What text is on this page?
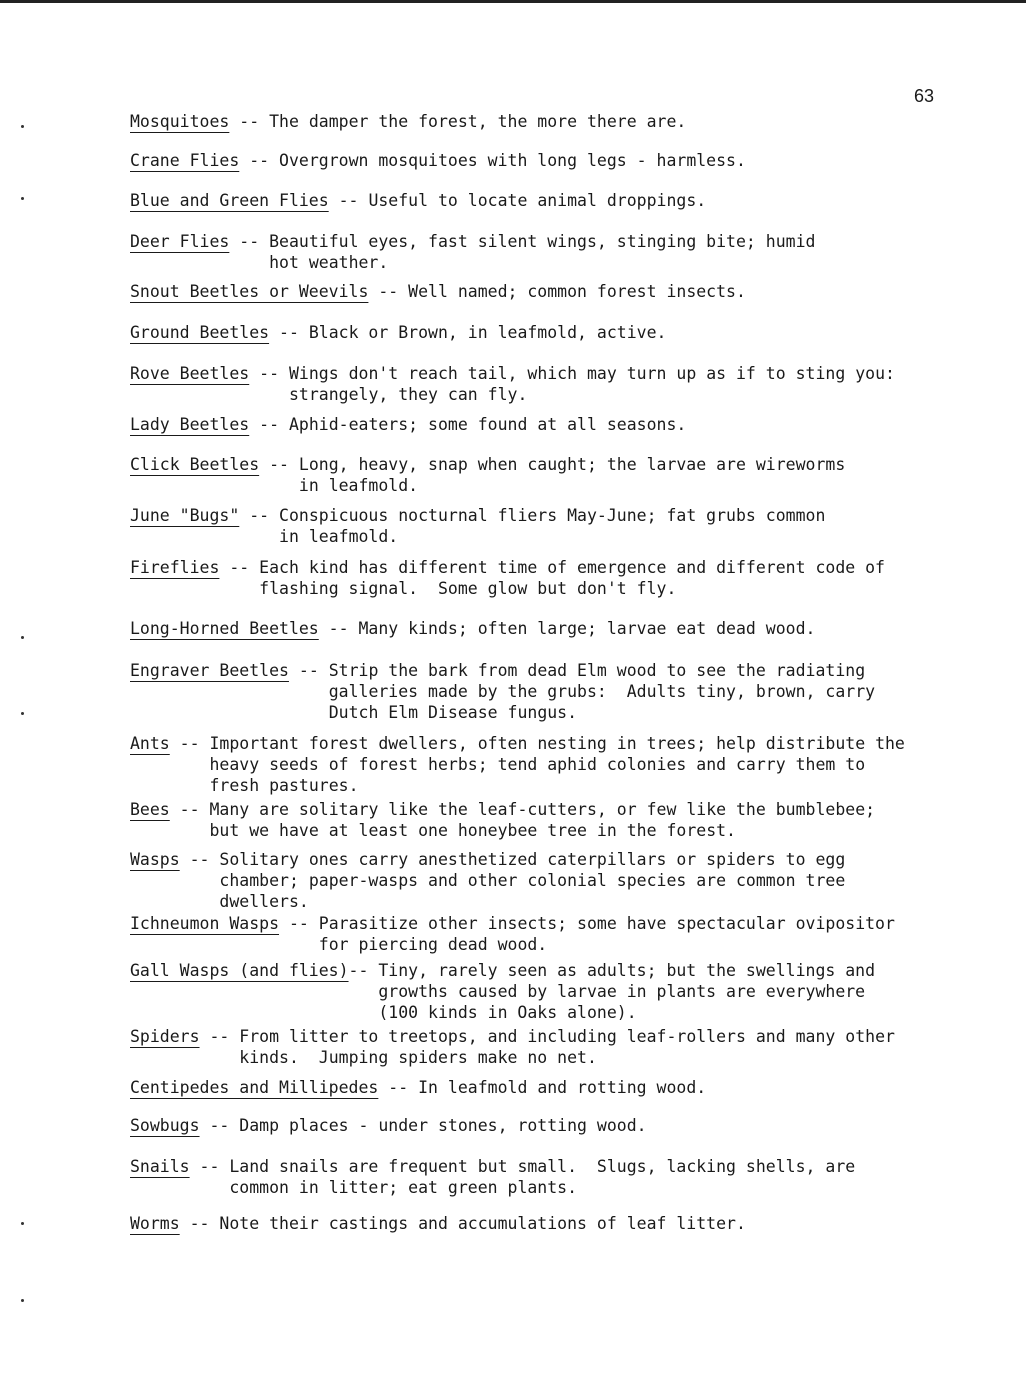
63
Mosquitoes -- The damper the forest, the more there are.
Crane Flies -- Overgrown mosquitoes with long legs - harmless.
Blue and Green Flies -- Useful to locate animal droppings.
Deer Flies -- Beautiful eyes, fast silent wings, stinging bite; humid
hot weather.
Snout Beetles or Weevils -- Well named; common forest insects.
Ground Beetles -- Black or Brown, in leafmold, active.
Rove Beetles -- Wings don't reach tail, which may turn up as if to sting you:
strangely, they can fly.
Lady Beetles -- Aphid-eaters; some found at all seasons.
Click Beetles -- Long, heavy, snap when caught; the larvae are wireworms
in leafmold.
June "Bugs" -- Conspicuous nocturnal fliers May-June; fat grubs common
in leafmold.
Fireflies -- Each kind has different time of emergence and different code of
flashing signal.  Some glow but don't fly.
Long-Horned Beetles -- Many kinds; often large; larvae eat dead wood.
Engraver Beetles -- Strip the bark from dead Elm wood to see the radiating
galleries made by the grubs:  Adults tiny, brown, carry
Dutch Elm Disease fungus.
Ants -- Important forest dwellers, often nesting in trees; help distribute the
heavy seeds of forest herbs; tend aphid colonies and carry them to
fresh pastures.
Bees -- Many are solitary like the leaf-cutters, or few like the bumblebee;
but we have at least one honeybee tree in the forest.
Wasps -- Solitary ones carry anesthetized caterpillars or spiders to egg
chamber; paper-wasps and other colonial species are common tree
dwellers.
Ichneumon Wasps -- Parasitize other insects; some have spectacular ovipositor
for piercing dead wood.
Gall Wasps (and flies) -- Tiny, rarely seen as adults; but the swellings and
growths caused by larvae in plants are everywhere
(100 kinds in Oaks alone).
Spiders -- From litter to treetops, and including leaf-rollers and many other
kinds.  Jumping spiders make no net.
Centipedes and Millipedes -- In leafmold and rotting wood.
Sowbugs -- Damp places - under stones, rotting wood.
Snails -- Land snails are frequent but small.  Slugs, lacking shells, are
common in litter; eat green plants.
Worms -- Note their castings and accumulations of leaf litter.
